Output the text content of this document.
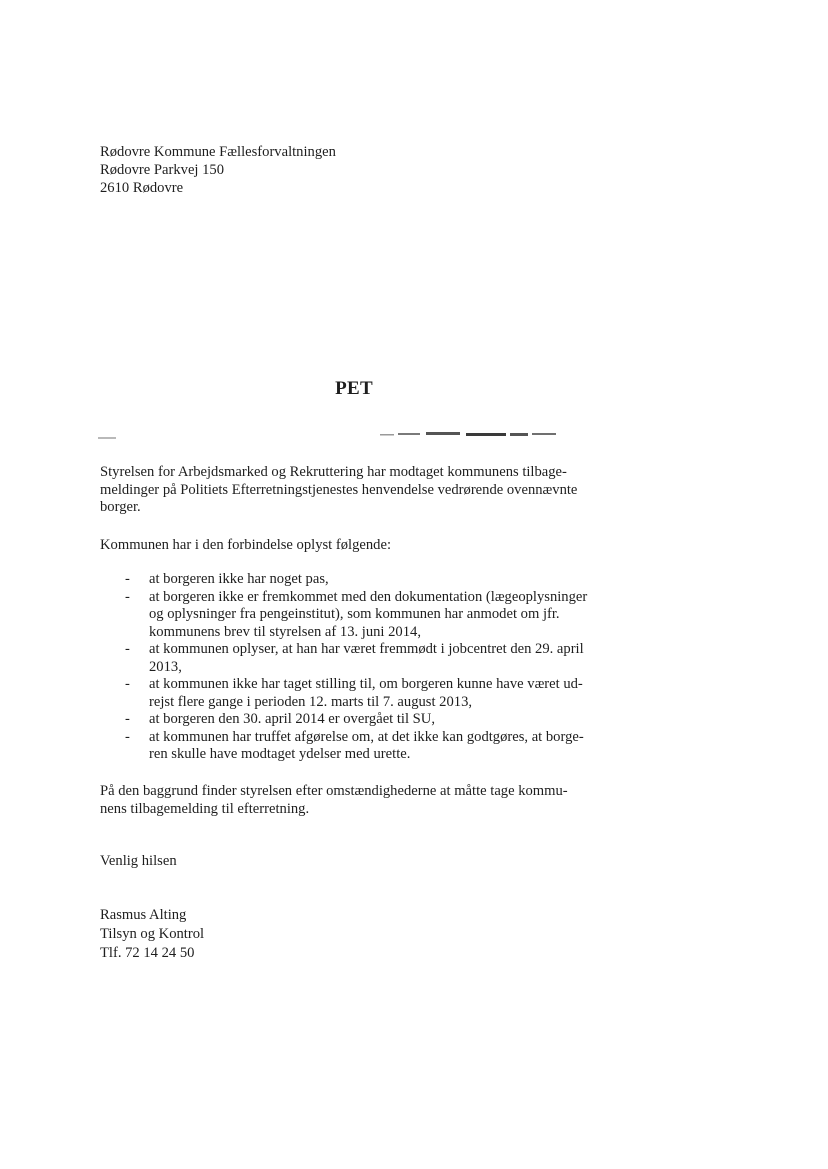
Rødovre Kommune Fællesforvaltningen
Rødovre Parkvej 150
2610 Rødovre
PET
Styrelsen for Arbejdsmarked og Rekruttering har modtaget kommunens tilbage-
meldinger på Politiets Efterretningstjenestes henvendelse vedrørende ovennævnte
borger.
Kommunen har i den forbindelse oplyst følgende:
- at borgeren ikke har noget pas,
- at borgeren ikke er fremkommet med den dokumentation (lægeoplysninger
og oplysninger fra pengeinstitut), som kommunen har anmodet om jfr.
kommunens brev til styrelsen af 13. juni 2014,
- at kommunen oplyser, at han har været fremmødt i jobcentret den 29. april
2013,
- at kommunen ikke har taget stilling til, om borgeren kunne have været ud-
rejst flere gange i perioden 12. marts til 7. august 2013,
- at borgeren den 30. april 2014 er overgået til SU,
- at kommunen har truffet afgørelse om, at det ikke kan godtgøres, at borge-
ren skulle have modtaget ydelser med urette.
På den baggrund finder styrelsen efter omstændighederne at måtte tage kommu-
nens tilbagemelding til efterretning.
Venlig hilsen
Rasmus Alting
Tilsyn og Kontrol
Tlf. 72 14 24 50
